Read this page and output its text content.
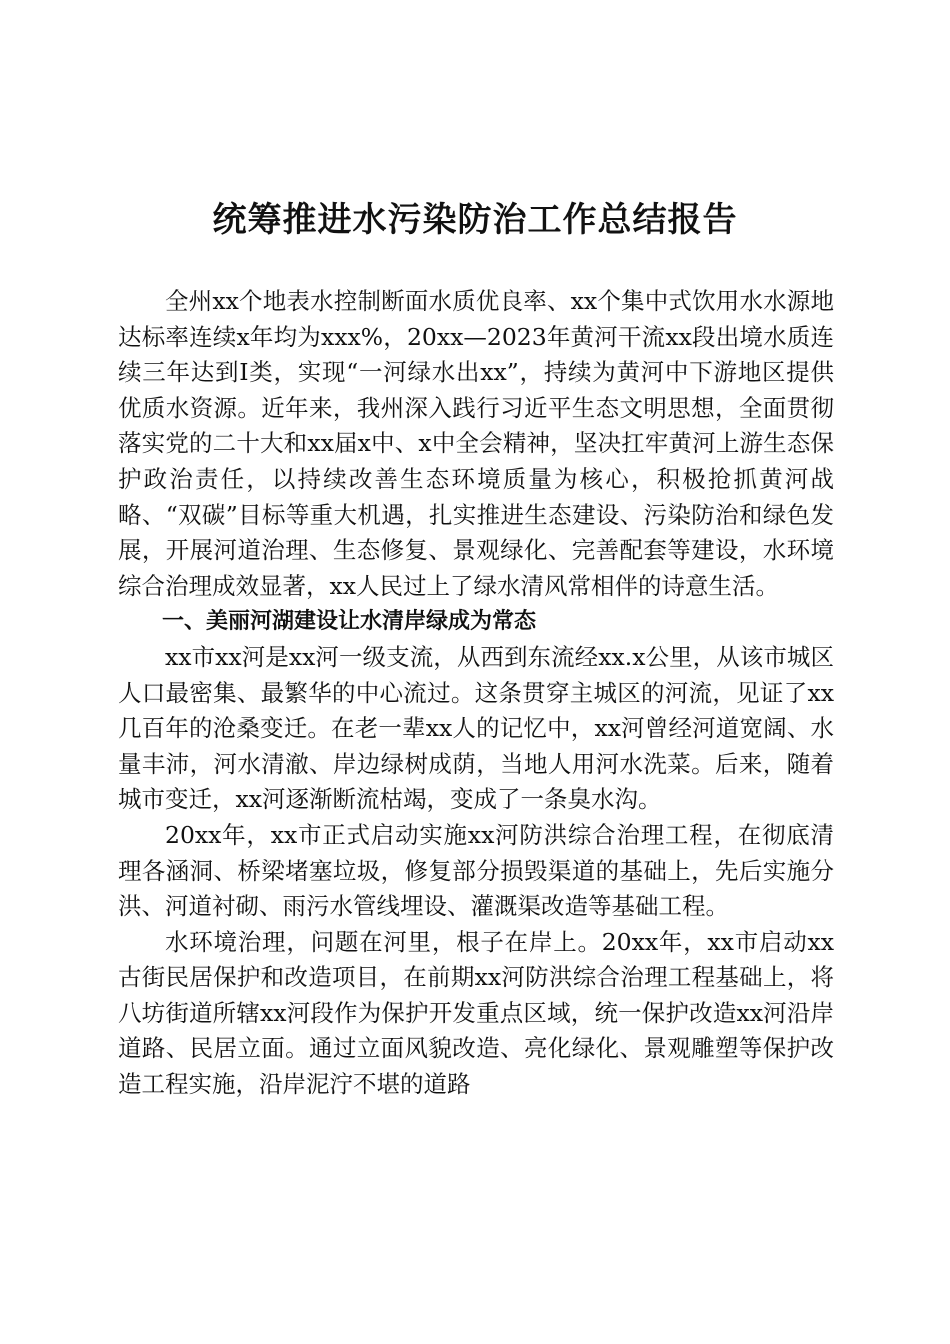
统筹推进水污染防治工作总结报告

全州xx个地表水控制断面水质优良率、xx个集中式饮用水水源地达标率连续x年均为xxx%，20xx—2023年黄河干流xx段出境水质连续三年达到Ⅰ类，实现“一河绿水出xx”，持续为黄河中下游地区提供优质水资源。近年来，我州深入践行习近平生态文明思想，全面贯彻落实党的二十大和xx届x中、x中全会精神，坚决扛牢黄河上游生态保护政治责任，以持续改善生态环境质量为核心，积极抢抓黄河战略、“双碳”目标等重大机遇，扎实推进生态建设、污染防治和绿色发展，开展河道治理、生态修复、景观绿化、完善配套等建设，水环境综合治理成效显著，xx人民过上了绿水清风常相伴的诗意生活。

一、美丽河湖建设让水清岸绿成为常态

xx市xx河是xx河一级支流，从西到东流经xx.x公里，从该市城区人口最密集、最繁华的中心流过。这条贯穿主城区的河流，见证了xx几百年的沧桑变迁。在老一辈xx人的记忆中，xx河曾经河道宽阔、水量丰沛，河水清澈、岸边绿树成荫，当地人用河水洗菜。后来，随着城市变迁，xx河逐渐断流枯竭，变成了一条臭水沟。

20xx年，xx市正式启动实施xx河防洪综合治理工程，在彻底清理各涵洞、桥梁堵塞垃圾，修复部分损毁渠道的基础上，先后实施分洪、河道衬砌、雨污水管线埋设、灌溉渠改造等基础工程。

水环境治理，问题在河里，根子在岸上。20xx年，xx市启动xx古街民居保护和改造项目，在前期xx河防洪综合治理工程基础上，将八坊街道所辖xx河段作为保护开发重点区域，统一保护改造xx河沿岸道路、民居立面。通过立面风貌改造、亮化绿化、景观雕塑等保护改造工程实施，沿岸泥泞不堪的道路
